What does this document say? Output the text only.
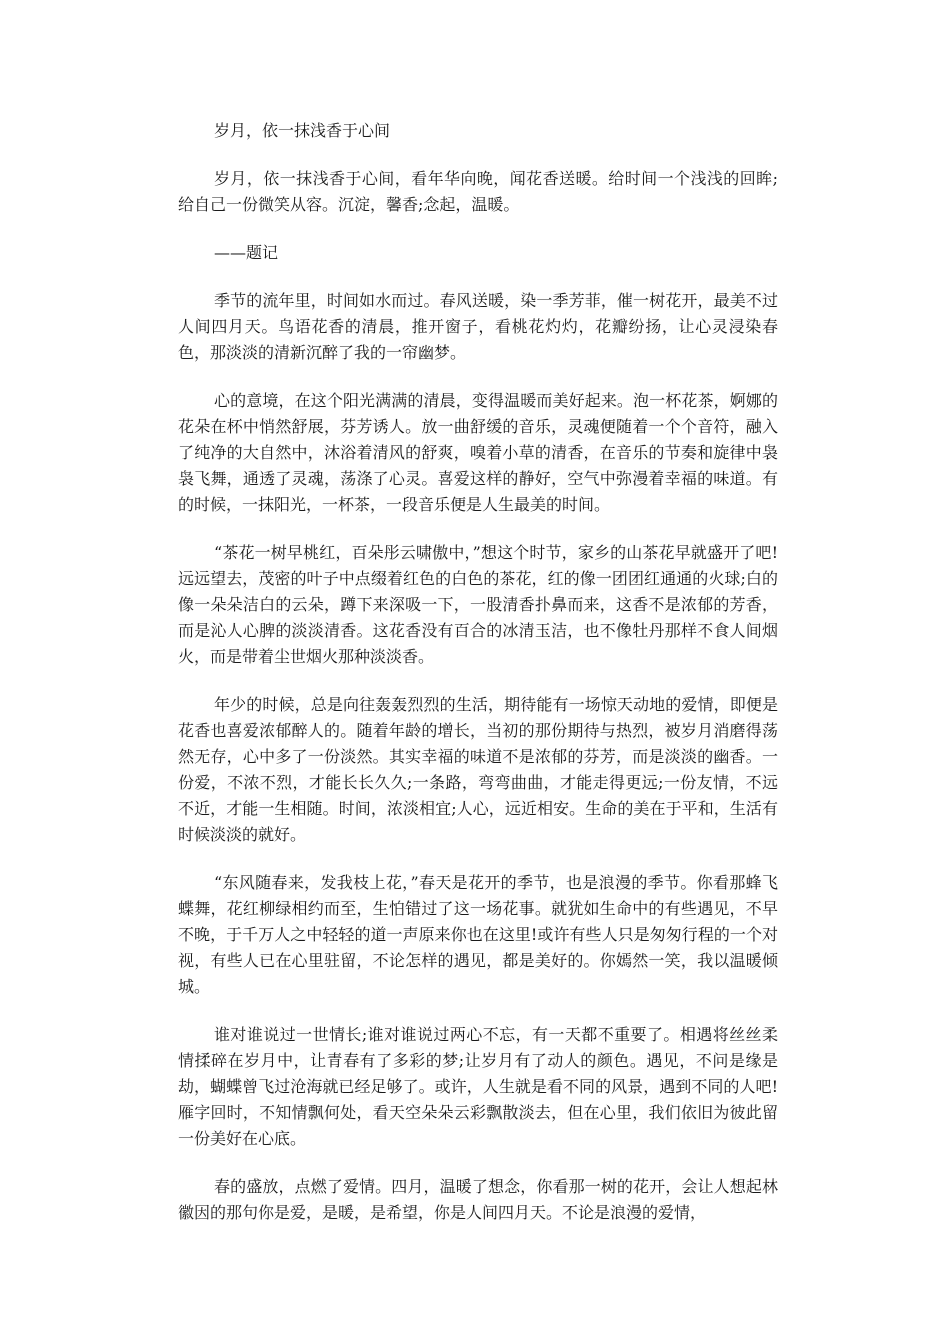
岁月，依一抹浅香于心间

岁月，依一抹浅香于心间，看年华向晚，闻花香送暖。给时间一个浅浅的回眸;给自己一份微笑从容。沉淀，馨香;念起，温暖。

——题记

季节的流年里，时间如水而过。春风送暖，染一季芳菲，催一树花开，最美不过人间四月天。鸟语花香的清晨，推开窗子，看桃花灼灼，花瓣纷扬，让心灵浸染春色，那淡淡的清新沉醉了我的一帘幽梦。

心的意境，在这个阳光满满的清晨，变得温暖而美好起来。泡一杯花茶，婀娜的花朵在杯中悄然舒展，芬芳诱人。放一曲舒缓的音乐，灵魂便随着一个个音符，融入了纯净的大自然中，沐浴着清风的舒爽，嗅着小草的清香，在音乐的节奏和旋律中袅袅飞舞，通透了灵魂，荡涤了心灵。喜爱这样的静好，空气中弥漫着幸福的味道。有的时候，一抹阳光，一杯茶，一段音乐便是人生最美的时间。

“茶花一树早桃红，百朵彤云啸傲中，”想这个时节，家乡的山茶花早就盛开了吧!远远望去，茂密的叶子中点缀着红色的白色的茶花，红的像一团团红通通的火球;白的像一朵朵洁白的云朵，蹲下来深吸一下，一股清香扑鼻而来，这香不是浓郁的芳香，而是沁人心脾的淡淡清香。这花香没有百合的冰清玉洁，也不像牡丹那样不食人间烟火，而是带着尘世烟火那种淡淡香。

年少的时候，总是向往轰轰烈烈的生活，期待能有一场惊天动地的爱情，即便是花香也喜爱浓郁醉人的。随着年龄的增长，当初的那份期待与热烈，被岁月消磨得荡然无存，心中多了一份淡然。其实幸福的味道不是浓郁的芬芳，而是淡淡的幽香。一份爱，不浓不烈，才能长长久久;一条路，弯弯曲曲，才能走得更远;一份友情，不远不近，才能一生相随。时间，浓淡相宜;人心，远近相安。生命的美在于平和，生活有时候淡淡的就好。

“东风随春来，发我枝上花，”春天是花开的季节，也是浪漫的季节。你看那蜂飞蝶舞，花红柳绿相约而至，生怕错过了这一场花事。就犹如生命中的有些遇见，不早不晚，于千万人之中轻轻的道一声原来你也在这里!或许有些人只是匆匆行程的一个对视，有些人已在心里驻留，不论怎样的遇见，都是美好的。你嫣然一笑，我以温暖倾城。

谁对谁说过一世情长;谁对谁说过两心不忘，有一天都不重要了。相遇将丝丝柔情揉碎在岁月中，让青春有了多彩的梦;让岁月有了动人的颜色。遇见，不问是缘是劫，蝴蝶曾飞过沧海就已经足够了。或许，人生就是看不同的风景，遇到不同的人吧!雁字回时，不知情飘何处，看天空朵朵云彩飘散淡去，但在心里，我们依旧为彼此留一份美好在心底。

春的盛放，点燃了爱情。四月，温暖了想念，你看那一树的花开，会让人想起林徽因的那句你是爱，是暖，是希望，你是人间四月天。不论是浪漫的爱情，
